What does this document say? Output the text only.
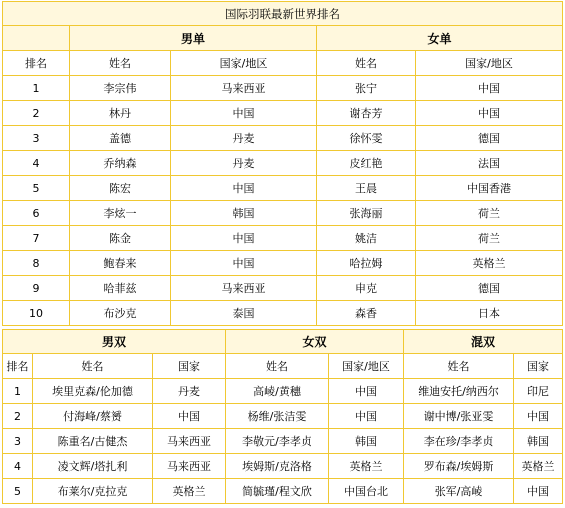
国际羽联最新世界排名				
	男单		女单	
排名	姓名	国家/地区	姓名	国家/地区
1	李宗伟	马来西亚	张宁	中国
2	林丹	中国	谢杏芳	中国
3	盖德	丹麦	徐怀雯	德国
4	乔纳森	丹麦	皮红艳	法国
5	陈宏	中国	王晨	中国香港
6	李炫一	韩国	张海丽	荷兰
7	陈金	中国	姚洁	荷兰
8	鲍春来	中国	哈拉姆	英格兰
9	哈菲兹	马来西亚	申克	德国
10	布沙克	泰国	森香	日本
男双			女双		混双	
排名	姓名	国家	姓名	国家/地区	姓名	国家
1	埃里克森/伦加德	丹麦	高崚/黄穗	中国	维迪安托/纳西尔	印尼
2	付海峰/蔡赟	中国	杨维/张洁雯	中国	谢中博/张亚雯	中国
3	陈重名/古健杰	马来西亚	李敬元/李孝贞	韩国	李在珍/李孝贞	韩国
4	凌文辉/塔扎利	马来西亚	埃姆斯/克洛格	英格兰	罗布森/埃姆斯	英格兰
5	布莱尔/克拉克	英格兰	简毓瑾/程文欣	中国台北	张军/高崚	中国
